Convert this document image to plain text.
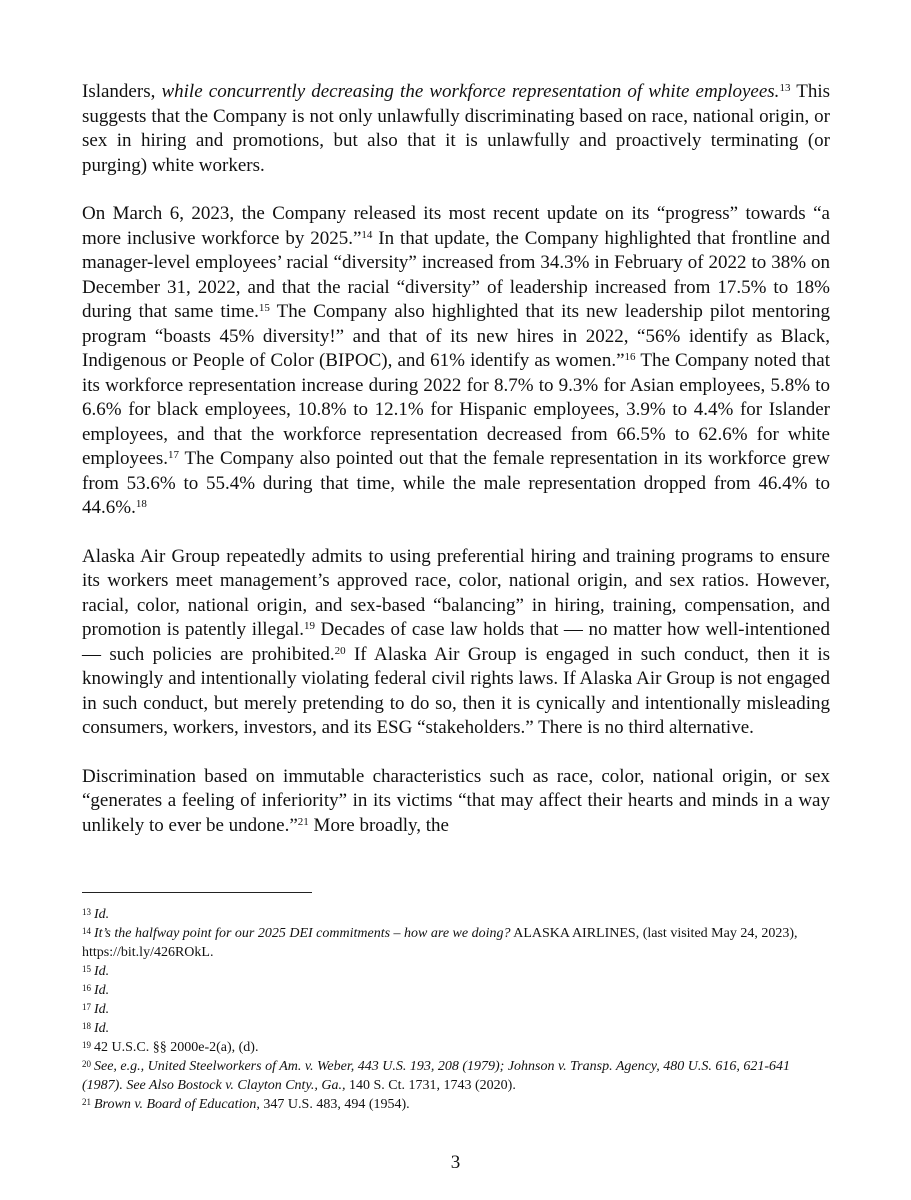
Islanders, while concurrently decreasing the workforce representation of white employees.$^{13}$ This suggests that the Company is not only unlawfully discriminating based on race, national origin, or sex in hiring and promotions, but also that it is unlawfully and proactively terminating (or purging) white workers.

On March 6, 2023, the Company released its most recent update on its “progress” towards “a more inclusive workforce by 2025.”$^{14}$ In that update, the Company highlighted that frontline and manager-level employees’ racial “diversity” increased from 34.3% in February of 2022 to 38% on December 31, 2022, and that the racial “diversity” of leadership increased from 17.5% to 18% during that same time.$^{15}$ The Company also highlighted that its new leadership pilot mentoring program “boasts 45% diversity!” and that of its new hires in 2022, “56% identify as Black, Indigenous or People of Color (BIPOC), and 61% identify as women.”$^{16}$ The Company noted that its workforce representation increase during 2022 for 8.7% to 9.3% for Asian employees, 5.8% to 6.6% for black employees, 10.8% to 12.1% for Hispanic employees, 3.9% to 4.4% for Islander employees, and that the workforce representation decreased from 66.5% to 62.6% for white employees.$^{17}$ The Company also pointed out that the female representation in its workforce grew from 53.6% to 55.4% during that time, while the male representation dropped from 46.4% to 44.6%.$^{18}$

Alaska Air Group repeatedly admits to using preferential hiring and training programs to ensure its workers meet management’s approved race, color, national origin, and sex ratios. However, racial, color, national origin, and sex-based “balancing” in hiring, training, compensation, and promotion is patently illegal.$^{19}$ Decades of case law holds that — no matter how well-intentioned — such policies are prohibited.$^{20}$ If Alaska Air Group is engaged in such conduct, then it is knowingly and intentionally violating federal civil rights laws. If Alaska Air Group is not engaged in such conduct, but merely pretending to do so, then it is cynically and intentionally misleading consumers, workers, investors, and its ESG “stakeholders.” There is no third alternative.

Discrimination based on immutable characteristics such as race, color, national origin, or sex “generates a feeling of inferiority” in its victims “that may affect their hearts and minds in a way unlikely to ever be undone.”$^{21}$ More broadly, the

$^{13}$ Id.

$^{14}$ It’s the halfway point for our 2025 DEI commitments – how are we doing? ALASKA AIRLINES, (last visited May 24, 2023), https://bit.ly/426ROkL.

$^{15}$ Id.

$^{16}$ Id.

$^{17}$ Id.

$^{18}$ Id.

$^{19}$ 42 U.S.C. §§ 2000e-2(a), (d).

$^{20}$ See, e.g., United Steelworkers of Am. v. Weber, 443 U.S. 193, 208 (1979); Johnson v. Transp. Agency, 480 U.S. 616, 621-641 (1987). See Also Bostock v. Clayton Cnty., Ga., 140 S. Ct. 1731, 1743 (2020).

$^{21}$ Brown v. Board of Education, 347 U.S. 483, 494 (1954).

3
